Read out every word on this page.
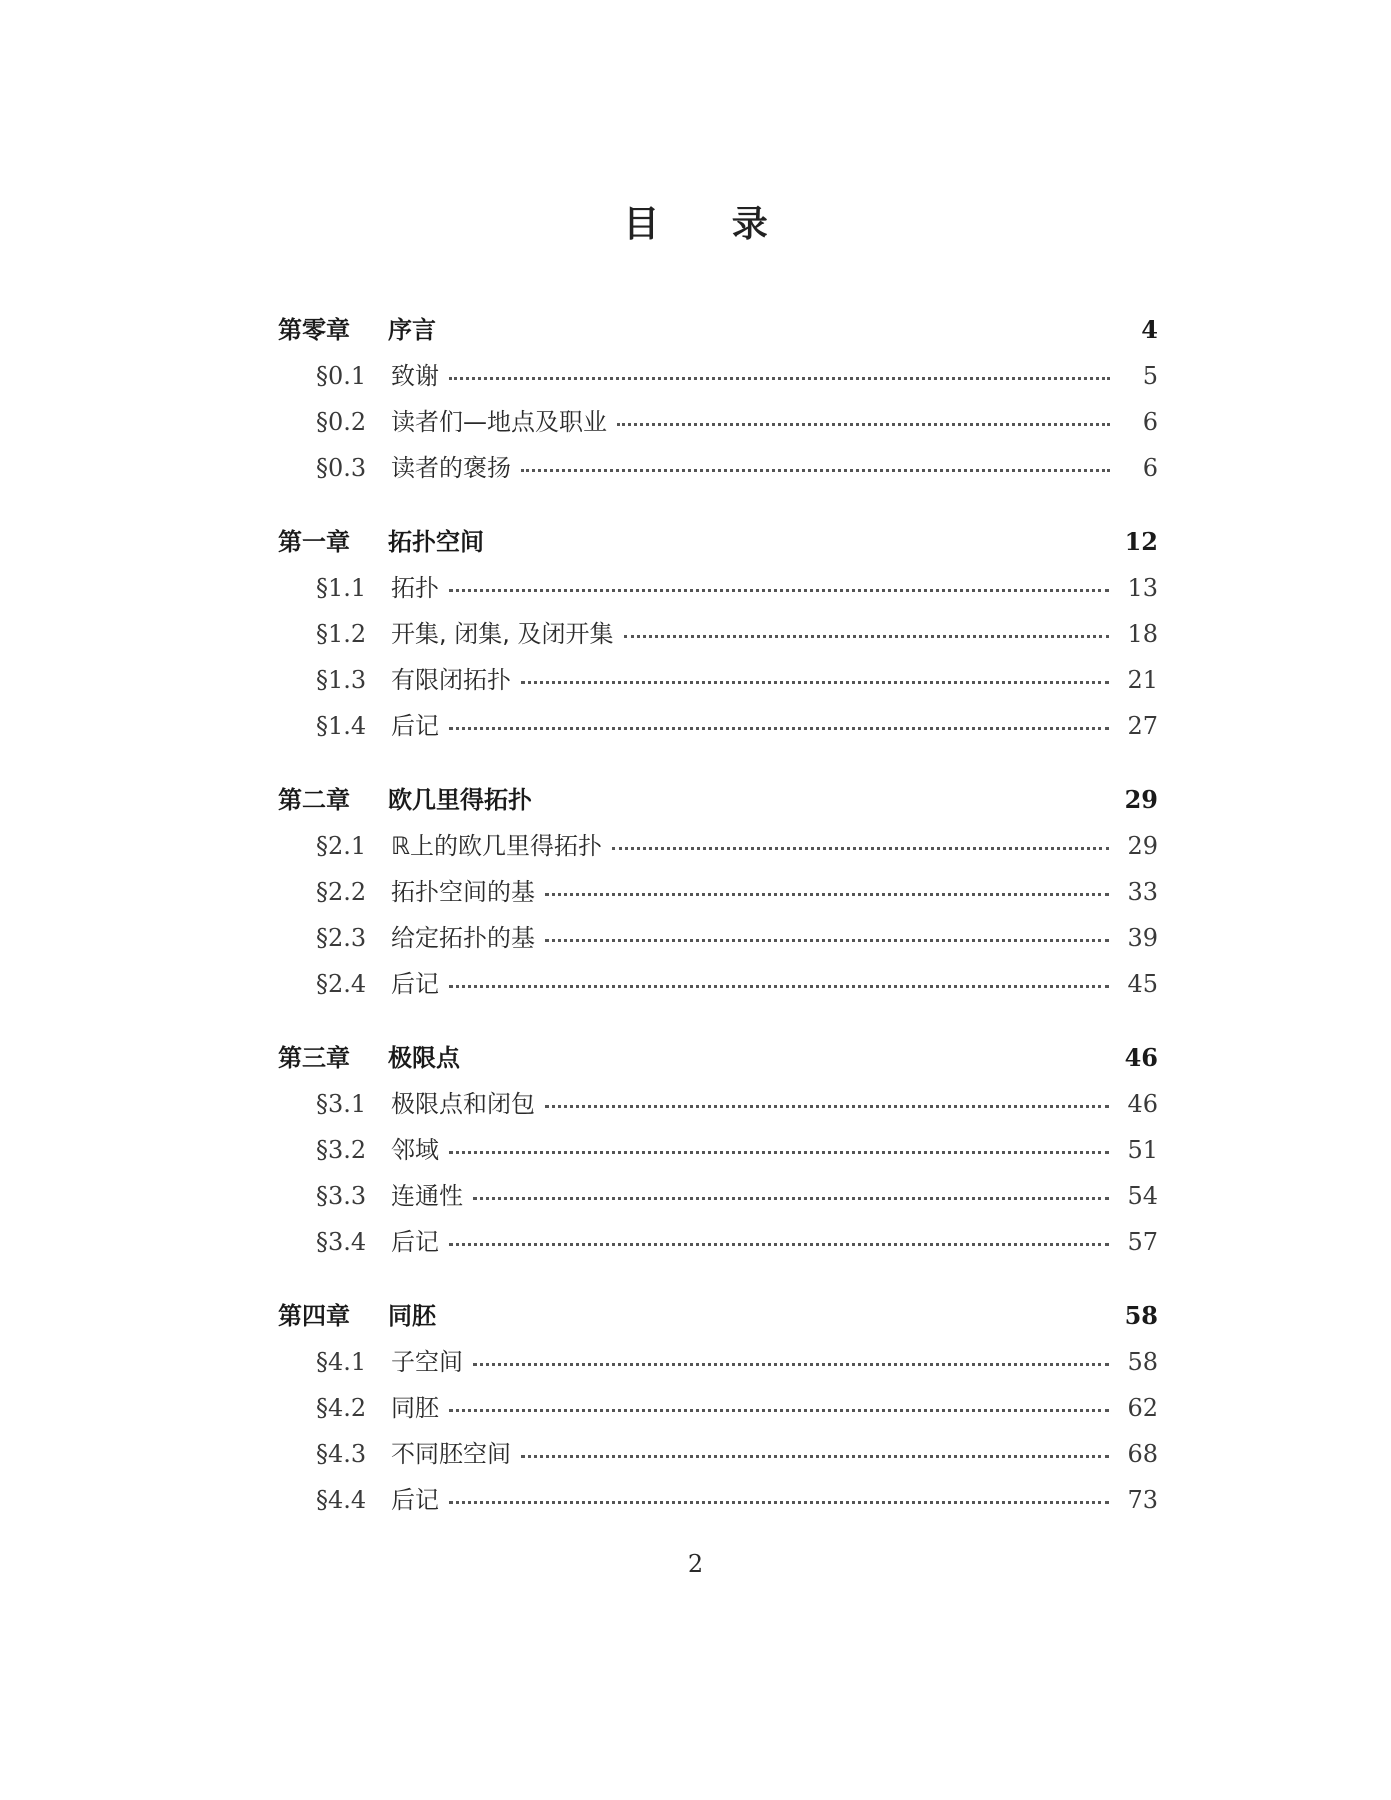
目 录
第零章	序言	4
§0.1	致谢	5
§0.2	读者们—地点及职业	6
§0.3	读者的褒扬	6
第一章	拓扑空间	12
§1.1	拓扑	13
§1.2	开集, 闭集, 及闭开集	18
§1.3	有限闭拓扑	21
§1.4	后记	27
第二章	欧几里得拓扑	29
§2.1	ℝ上的欧几里得拓扑	29
§2.2	拓扑空间的基	33
§2.3	给定拓扑的基	39
§2.4	后记	45
第三章	极限点	46
§3.1	极限点和闭包	46
§3.2	邻域	51
§3.3	连通性	54
§3.4	后记	57
第四章	同胚	58
§4.1	子空间	58
§4.2	同胚	62
§4.3	不同胚空间	68
§4.4	后记	73
2
